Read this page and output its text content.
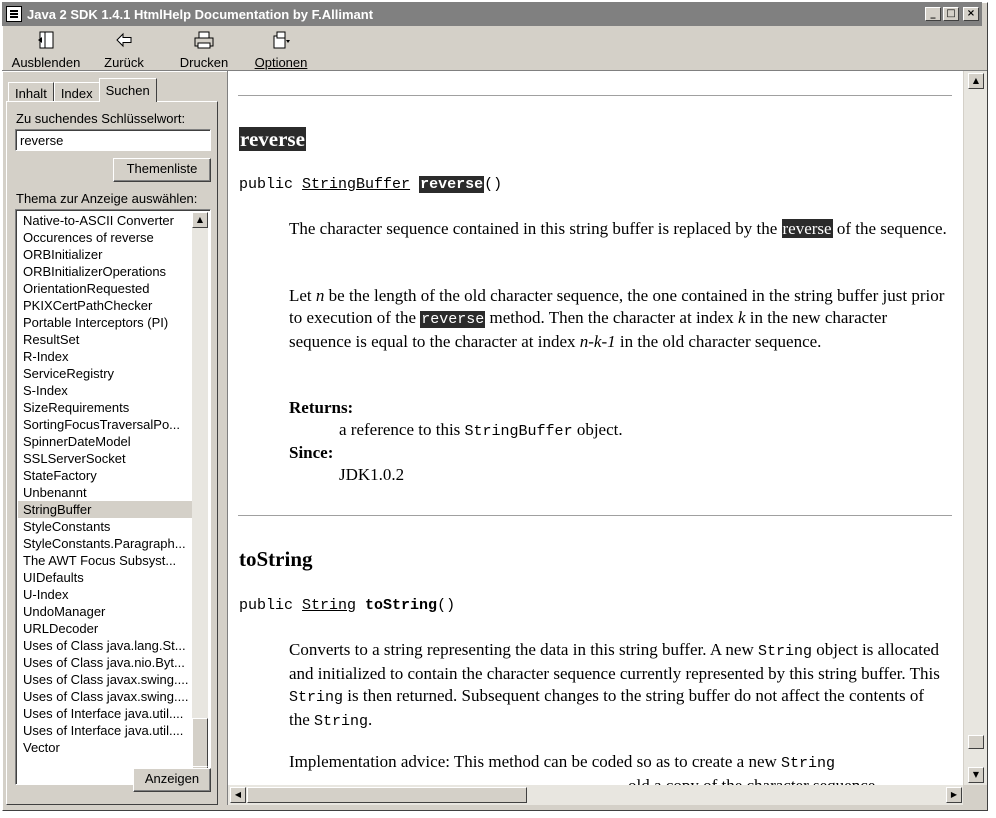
Java 2 SDK 1.4.1 HtmlHelp Documentation by F.Allimant	_	□	×
Ausblenden Zurück	Drucken Optionen
Inhalt	Index	Suchen
Zu suchendes Schlüsselwort:
reverse
Themenliste
Thema zur Anzeige auswählen:
Native-to-ASCII Converter
Occurences of reverse
ORBInitializer
ORBInitializerOperations
OrientationRequested
PKIXCertPathChecker
Portable Interceptors (PI)
ResultSet
R-Index
ServiceRegistry
S-Index
SizeRequirements
SortingFocusTraversalPo...
SpinnerDateModel
SSLServerSocket
StateFactory
Unbenannt
StringBuffer
StyleConstants
StyleConstants.Paragraph...
The AWT Focus Subsyst...
UIDefaults
U-Index
UndoManager
URLDecoder
Uses of Class java.lang.St...
Uses of Class java.nio.Byt...
Uses of Class javax.swing....
Uses of Class javax.swing....
Uses of Interface java.util....
Uses of Interface java.util....
Vector
▲
Anzeigen
reverse
public StringBuffer reverse()
The character sequence contained in this string buffer is replaced by the reverse of the sequence.
Let n be the length of the old character sequence, the one contained in the string buffer just prior to execution of the reverse method. Then the character at index k in the new character sequence is equal to the character at index n-k-1 in the old character sequence.
Returns:
a reference to this StringBuffer object.
Since:
JDK1.0.2
toString
public String toString()
Converts to a string representing the data in this string buffer. A new String object is allocated and initialized to contain the character sequence currently represented by this string buffer. This String is then returned. Subsequent changes to the string buffer do not affect the contents of the String.
Implementation advice: This method can be coded so as to create a new String

▲
▼
◀	▶
